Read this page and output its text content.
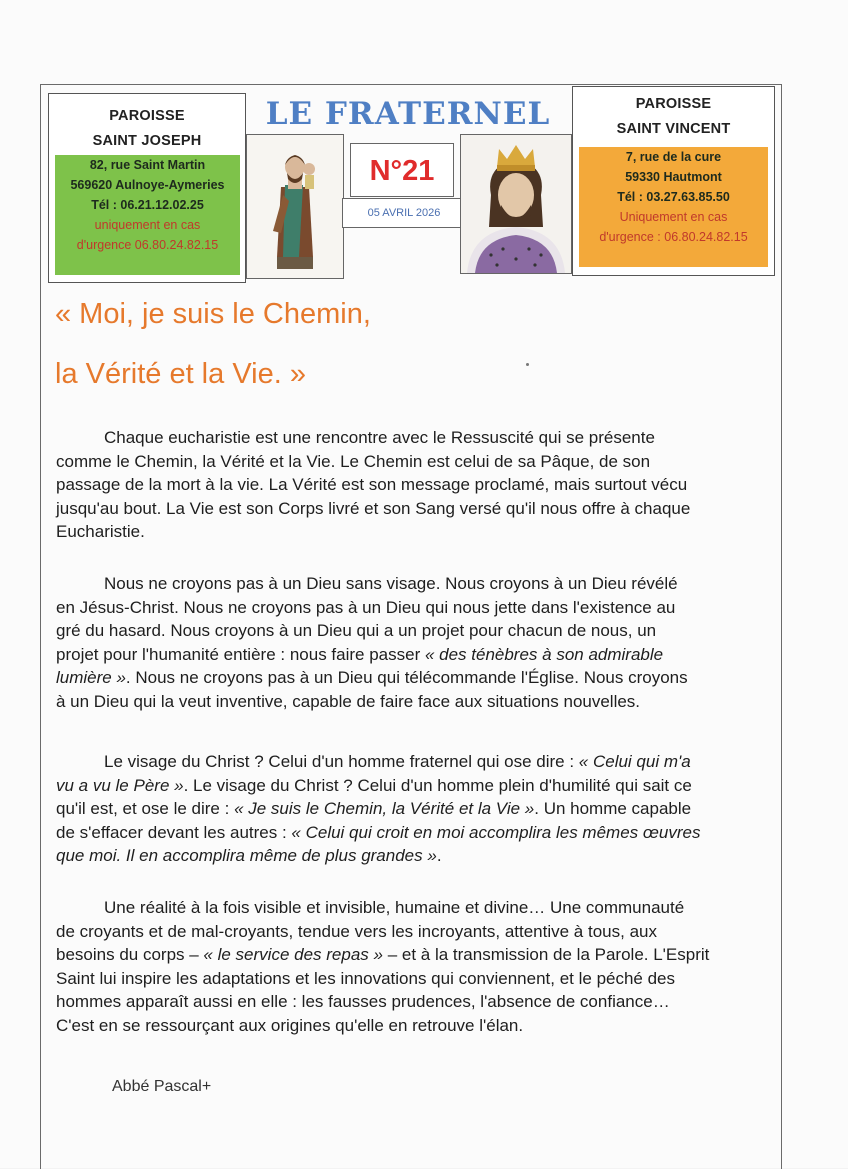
PAROISSE
SAINT JOSEPH
82, rue Saint Martin
569620 Aulnoye-Aymeries
Tél : 06.21.12.02.25
uniquement en cas
d'urgence 06.80.24.82.15
PAROISSE
SAINT VINCENT
7, rue de la cure
59330 Hautmont
Tél : 03.27.63.85.50
Uniquement en cas
d'urgence : 06.80.24.82.15
LE FRATERNEL
N°21
05 AVRIL 2026
« Moi, je suis le Chemin,
la Vérité et la Vie. »
Chaque eucharistie est une rencontre avec le Ressuscité qui se présente
comme le Chemin, la Vérité et la Vie. Le Chemin est celui de sa Pâque, de son
passage de la mort à la vie. La Vérité est son message proclamé, mais surtout vécu
jusqu'au bout. La Vie est son Corps livré et son Sang versé qu'il nous offre à chaque
Eucharistie.
Nous ne croyons pas à un Dieu sans visage. Nous croyons à un Dieu révélé
en Jésus-Christ. Nous ne croyons pas à un Dieu qui nous jette dans l'existence au
gré du hasard. Nous croyons à un Dieu qui a un projet pour chacun de nous, un
projet pour l'humanité entière : nous faire passer « des ténèbres à son admirable
lumière ». Nous ne croyons pas à un Dieu qui télécommande l'Église. Nous croyons
à un Dieu qui la veut inventive, capable de faire face aux situations nouvelles.
Le visage du Christ ? Celui d'un homme fraternel qui ose dire : « Celui qui m'a
vu a vu le Père ». Le visage du Christ ? Celui d'un homme plein d'humilité qui sait ce
qu'il est, et ose le dire : « Je suis le Chemin, la Vérité et la Vie ». Un homme capable
de s'effacer devant les autres : « Celui qui croit en moi accomplira les mêmes œuvres
que moi. Il en accomplira même de plus grandes ».
Une réalité à la fois visible et invisible, humaine et divine… Une communauté
de croyants et de mal-croyants, tendue vers les incroyants, attentive à tous, aux
besoins du corps – « le service des repas » – et à la transmission de la Parole. L'Esprit
Saint lui inspire les adaptations et les innovations qui conviennent, et le péché des
hommes apparaît aussi en elle : les fausses prudences, l'absence de confiance…
C'est en se ressourçant aux origines qu'elle en retrouve l'élan.
Abbé Pascal+
